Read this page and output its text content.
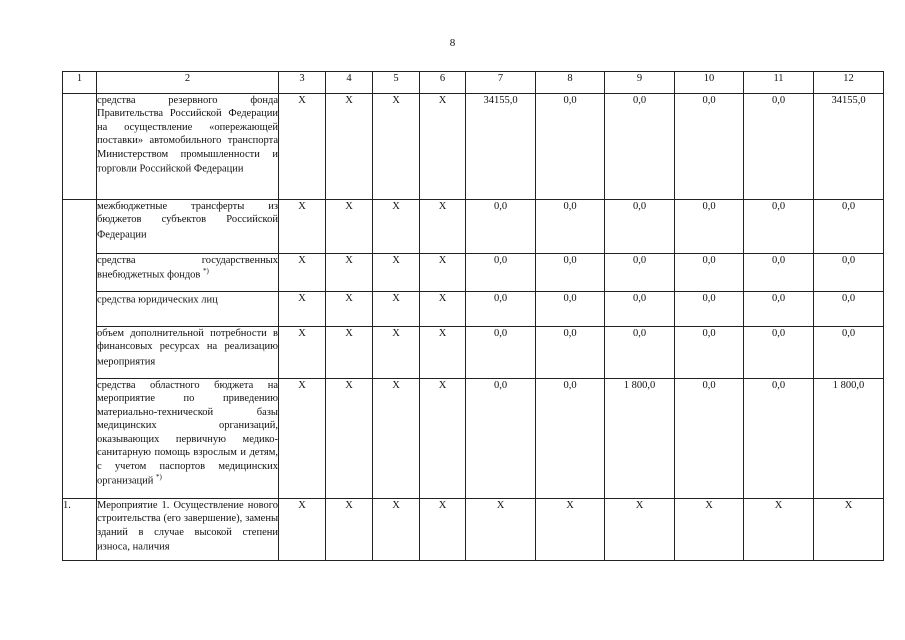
8
1	2	3	4	5	6	7	8	9	10	11	12
	средства резервного фонда Правительства Российской Федерации на осуществление «опережающей поставки» автомобильного транспорта Министерством промышленности и торговли Российской Федерации	X	X	X	X	34155,0	0,0	0,0	0,0	0,0	34155,0
	межбюджетные трансферты из бюджетов субъектов Российской Федерации	X	X	X	X	0,0	0,0	0,0	0,0	0,0	0,0
	средства государственных внебюджетных фондов *)	X	X	X	X	0,0	0,0	0,0	0,0	0,0	0,0
	средства юридических лиц	X	X	X	X	0,0	0,0	0,0	0,0	0,0	0,0
	объем дополнительной потребности в финансовых ресурсах на реализацию мероприятия	X	X	X	X	0,0	0,0	0,0	0,0	0,0	0,0
	средства областного бюджета на мероприятие по приведению материально-технической базы медицинских организаций, оказывающих первичную медико-санитарную помощь взрослым и детям, с учетом паспортов медицинских организаций *)	X	X	X	X	0,0	0,0	1 800,0	0,0	0,0	1 800,0
1.	Мероприятие 1. Осуществление нового строительства (его завершение), замены зданий в случае высокой степени износа, наличия	X	X	X	X	X	X	X	X	X	X
